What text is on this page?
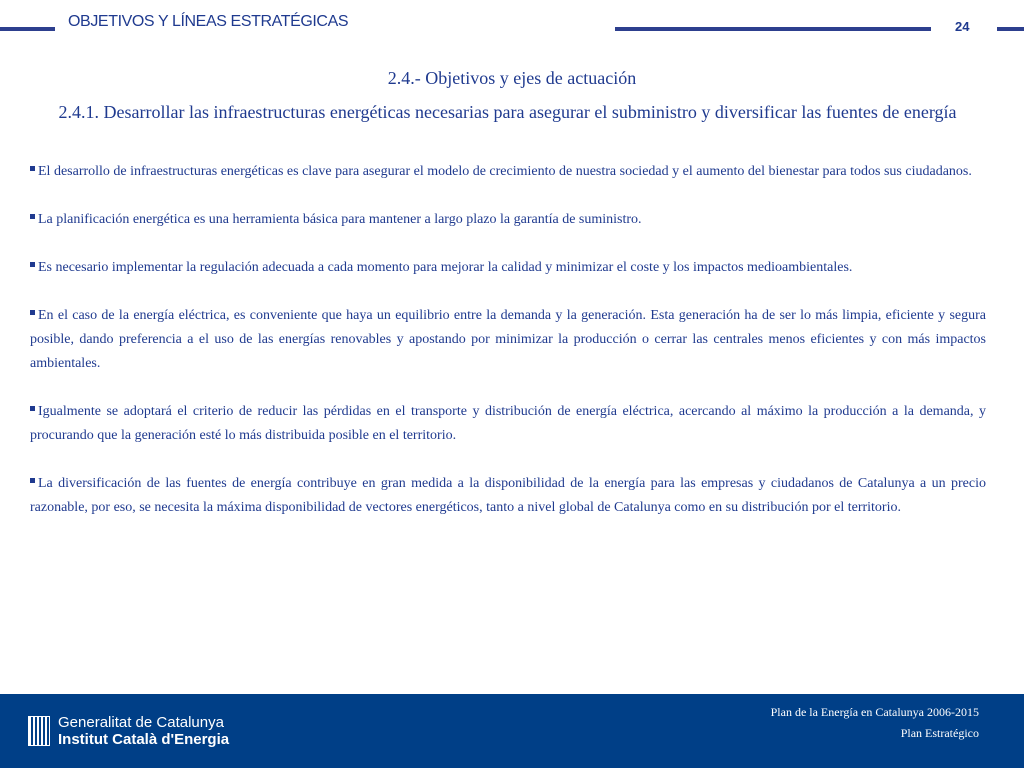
OBJETIVOS Y LÍNEAS ESTRATÉGICAS	24
2.4.- Objetivos y ejes de actuación
2.4.1. Desarrollar las infraestructuras energéticas necesarias para asegurar el subministro y diversificar las fuentes de energía

El desarrollo de infraestructuras energéticas es clave para asegurar el modelo de crecimiento de nuestra sociedad y el aumento del bienestar para todos sus ciudadanos.

La planificación energética es una herramienta básica para mantener a largo plazo la garantía de suministro.

Es necesario implementar la regulación adecuada a cada momento para mejorar la calidad y minimizar el coste y los impactos medioambientales.

En el caso de la energía eléctrica, es conveniente que haya un equilibrio entre la demanda y la generación. Esta generación ha de ser lo más limpia, eficiente y segura posible, dando preferencia a el uso de las energías renovables y apostando por minimizar la producción o cerrar las centrales menos eficientes y con más impactos ambientales.

Igualmente se adoptará el criterio de reducir las pérdidas en el transporte y distribución de energía eléctrica, acercando al máximo la producción a la demanda, y procurando que la generación esté lo más distribuida posible en el territorio.

La diversificación de las fuentes de energía contribuye en gran medida a la disponibilidad de la energía para las empresas y ciudadanos de Catalunya a un precio razonable, por eso, se necesita la máxima disponibilidad de vectores energéticos, tanto a nivel global de Catalunya como en su distribución por el territorio.

Generalitat de Catalunya
Institut Català d'Energia
Plan de la Energía en Catalunya 2006-2015
Plan Estratégico
